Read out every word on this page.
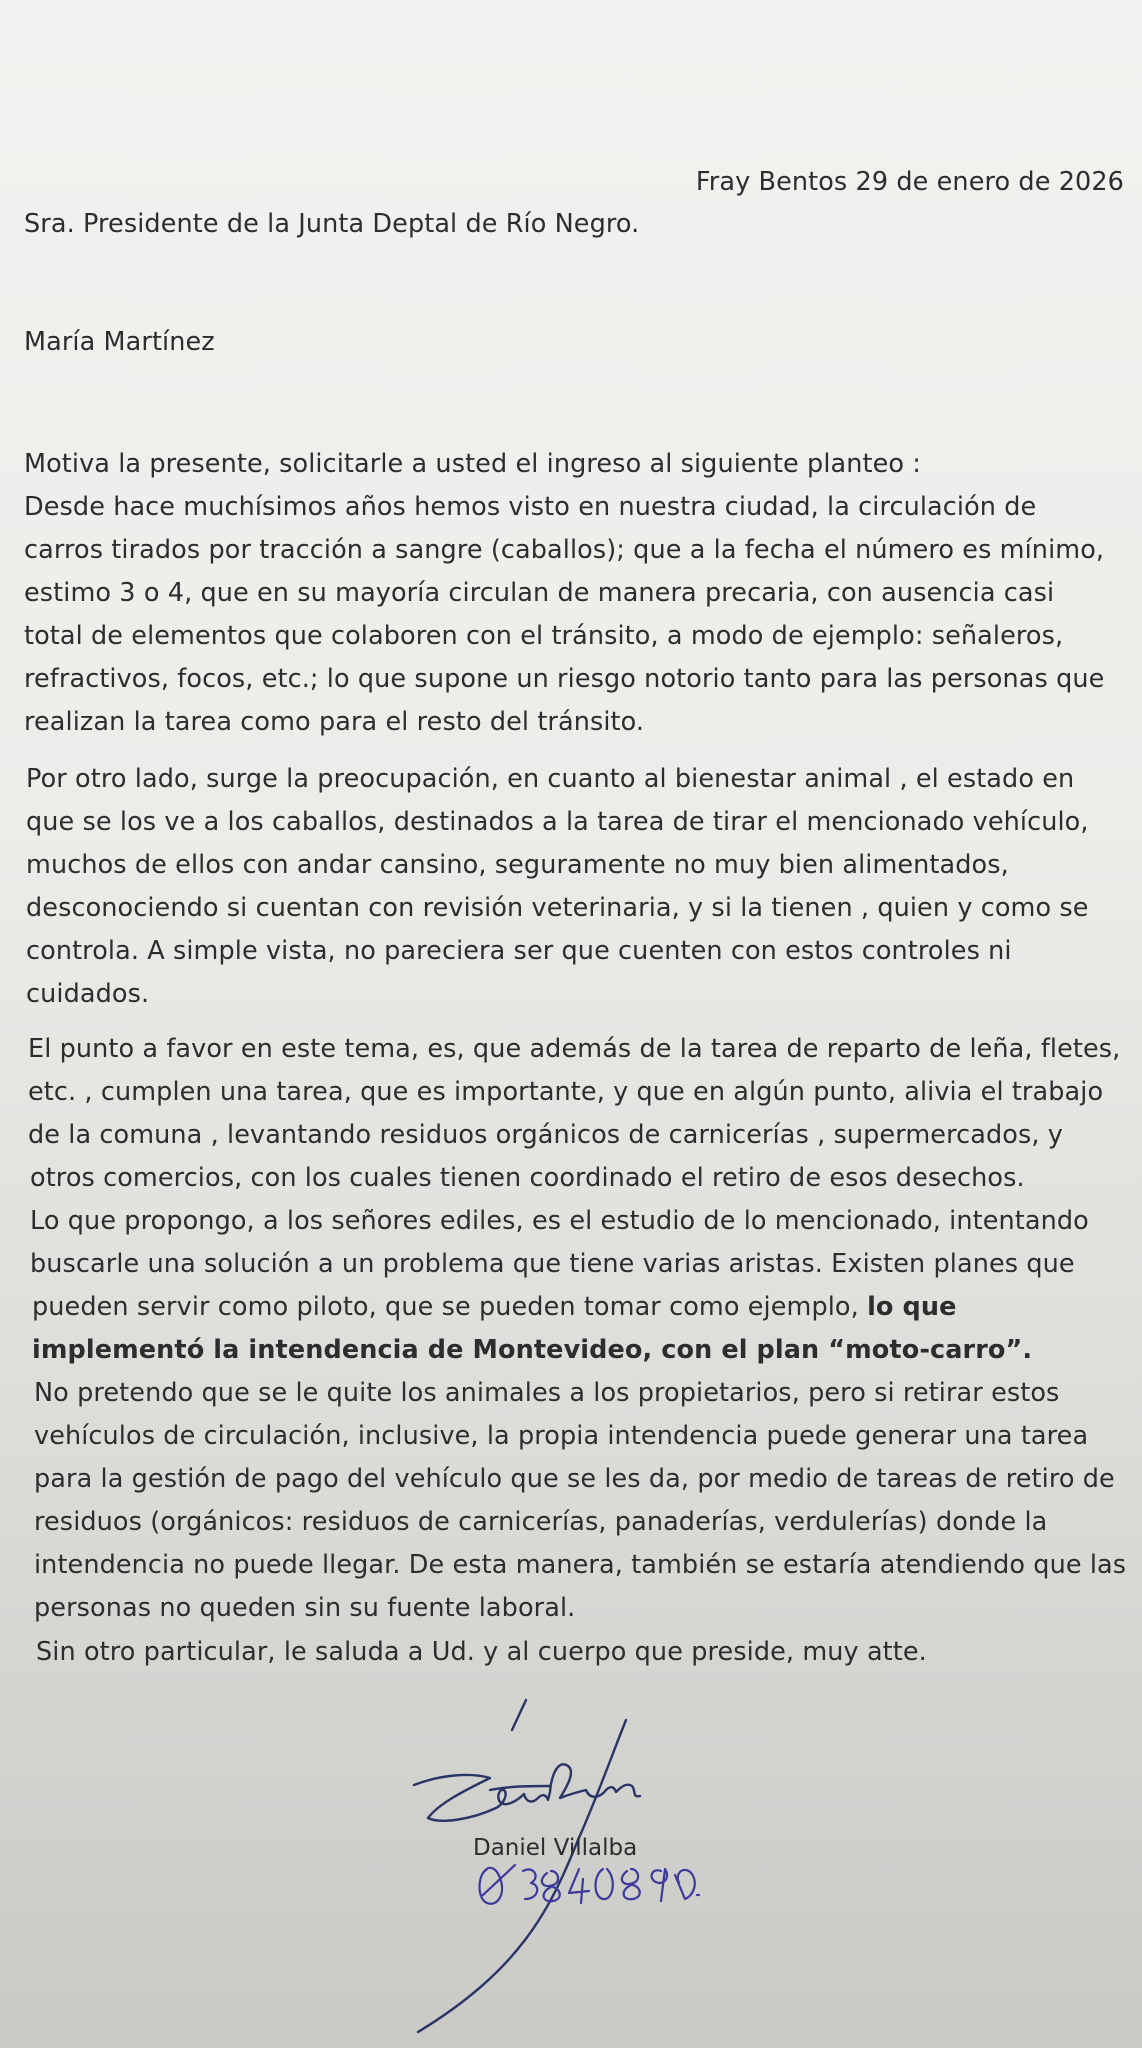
Fray Bentos 29 de enero de 2026
Sra. Presidente de la Junta Deptal de Río Negro.
María Martínez
Motiva la presente, solicitarle a usted el ingreso al siguiente planteo :
Desde hace muchísimos años hemos visto en nuestra ciudad, la circulación de
carros tirados por tracción a sangre (caballos); que a la fecha el número es mínimo,
estimo 3 o 4, que en su mayoría circulan de manera precaria, con ausencia casi
total de elementos que colaboren con el tránsito, a modo de ejemplo: señaleros,
refractivos, focos, etc.; lo que supone un riesgo notorio tanto para las personas que
realizan la tarea como para el resto del tránsito.
Por otro lado, surge la preocupación, en cuanto al bienestar animal , el estado en
que se los ve a los caballos, destinados a la tarea de tirar el mencionado vehículo,
muchos de ellos con andar cansino, seguramente no muy bien alimentados,
desconociendo si cuentan con revisión veterinaria, y si la tienen , quien y como se
controla. A simple vista, no pareciera ser que cuenten con estos controles ni
cuidados.
El punto a favor en este tema, es, que además de la tarea de reparto de leña, fletes,
etc. , cumplen una tarea, que es importante, y que en algún punto, alivia el trabajo
de la comuna , levantando residuos orgánicos de carnicerías , supermercados, y
otros comercios, con los cuales tienen coordinado el retiro de esos desechos.
Lo que propongo, a los señores ediles, es el estudio de lo mencionado, intentando
buscarle una solución a un problema que tiene varias aristas. Existen planes que
pueden servir como piloto, que se pueden tomar como ejemplo, lo que
implementó la intendencia de Montevideo, con el plan “moto-carro”.
No pretendo que se le quite los animales a los propietarios, pero si retirar estos
vehículos de circulación, inclusive, la propia intendencia puede generar una tarea
para la gestión de pago del vehículo que se les da, por medio de tareas de retiro de
residuos (orgánicos: residuos de carnicerías, panaderías, verdulerías) donde la
intendencia no puede llegar. De esta manera, también se estaría atendiendo que las
personas no queden sin su fuente laboral.
Sin otro particular, le saluda a Ud. y al cuerpo que preside, muy atte.
Daniel Villalba
